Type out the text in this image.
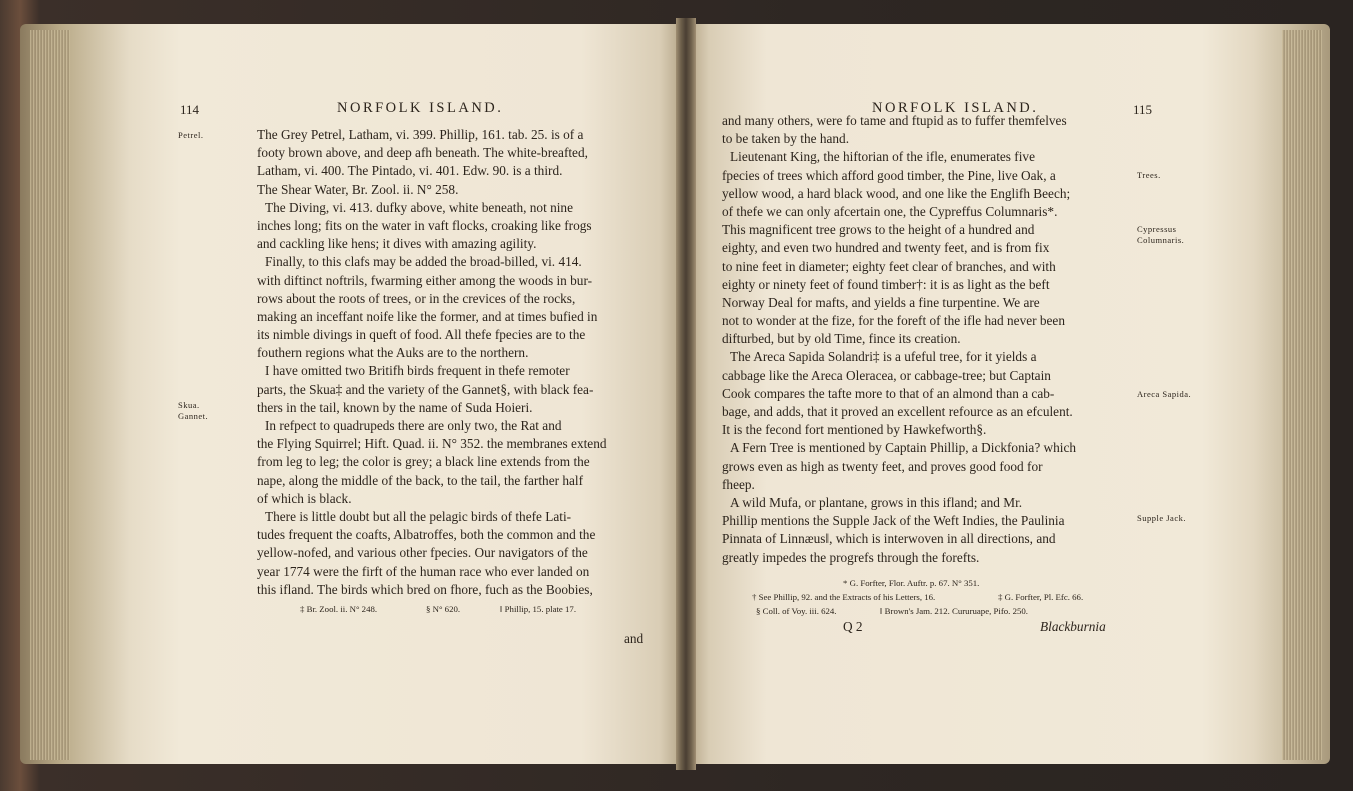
114	NORFOLK ISLAND.
Petrel.
Skua.
Gannet.
The Grey Petrel, Latham, vi. 399. Phillip, 161. tab. 25. is of a
footy brown above, and deep afh beneath. The white-breafted,
Latham, vi. 400. The Pintado, vi. 401. Edw. 90. is a third.
The Shear Water, Br. Zool. ii. N° 258.
The Diving, vi. 413. dufky above, white beneath, not nine
inches long; fits on the water in vaft flocks, croaking like frogs
and cackling like hens; it dives with amazing agility.
Finally, to this clafs may be added the broad-billed, vi. 414.
with diftinct noftrils, fwarming either among the woods in bur-
rows about the roots of trees, or in the crevices of the rocks,
making an inceffant noife like the former, and at times bufied in
its nimble divings in queft of food. All thefe fpecies are to the
fouthern regions what the Auks are to the northern.
I have omitted two Britifh birds frequent in thefe remoter
parts, the Skua‡ and the variety of the Gannet§, with black fea-
thers in the tail, known by the name of Suda Hoieri.
In refpect to quadrupeds there are only two, the Rat and
the Flying Squirrel; Hift. Quad. ii. N° 352. the membranes extend
from leg to leg; the color is grey; a black line extends from the
nape, along the middle of the back, to the tail, the farther half
of which is black.
There is little doubt but all the pelagic birds of thefe Lati-
tudes frequent the coafts, Albatroffes, both the common and the
yellow-nofed, and various other fpecies. Our navigators of the
year 1774 were the firft of the human race who ever landed on
this ifland. The birds which bred on fhore, fuch as the Boobies,
‡ Br. Zool. ii. N° 248.	§ N° 620.	‖ Phillip, 15. plate 17.
and
NORFOLK ISLAND.	115
Trees.
Cypressus
Columnaris.
Areca Sapida.
Supple Jack.
and many others, were fo tame and ftupid as to fuffer themfelves
to be taken by the hand.
Lieutenant King, the hiftorian of the ifle, enumerates five
fpecies of trees which afford good timber, the Pine, live Oak, a
yellow wood, a hard black wood, and one like the Englifh Beech;
of thefe we can only afcertain one, the Cypreffus Columnaris*.
This magnificent tree grows to the height of a hundred and
eighty, and even two hundred and twenty feet, and is from fix
to nine feet in diameter; eighty feet clear of branches, and with
eighty or ninety feet of found timber†: it is as light as the beft
Norway Deal for mafts, and yields a fine turpentine. We are
not to wonder at the fize, for the foreft of the ifle had never been
difturbed, but by old Time, fince its creation.
The Areca Sapida Solandri‡ is a ufeful tree, for it yields a
cabbage like the Areca Oleracea, or cabbage-tree; but Captain
Cook compares the tafte more to that of an almond than a cab-
bage, and adds, that it proved an excellent refource as an efculent.
It is the fecond fort mentioned by Hawkefworth§.
A Fern Tree is mentioned by Captain Phillip, a Dickfonia? which
grows even as high as twenty feet, and proves good food for
fheep.
A wild Mufa, or plantane, grows in this ifland; and Mr.
Phillip mentions the Supple Jack of the Weft Indies, the Paulinia
Pinnata of Linnæus‖, which is interwoven in all directions, and
greatly impedes the progrefs through the forefts.
* G. Forfter, Flor. Auftr. p. 67. N° 351.
† See Phillip, 92. and the Extracts of his Letters, 16.	‡ G. Forfter, Pl. Efc. 66.
§ Coll. of Voy. iii. 624.	‖ Brown's Jam. 212. Cururuape, Pifo. 250.
Q 2	Blackburnia
